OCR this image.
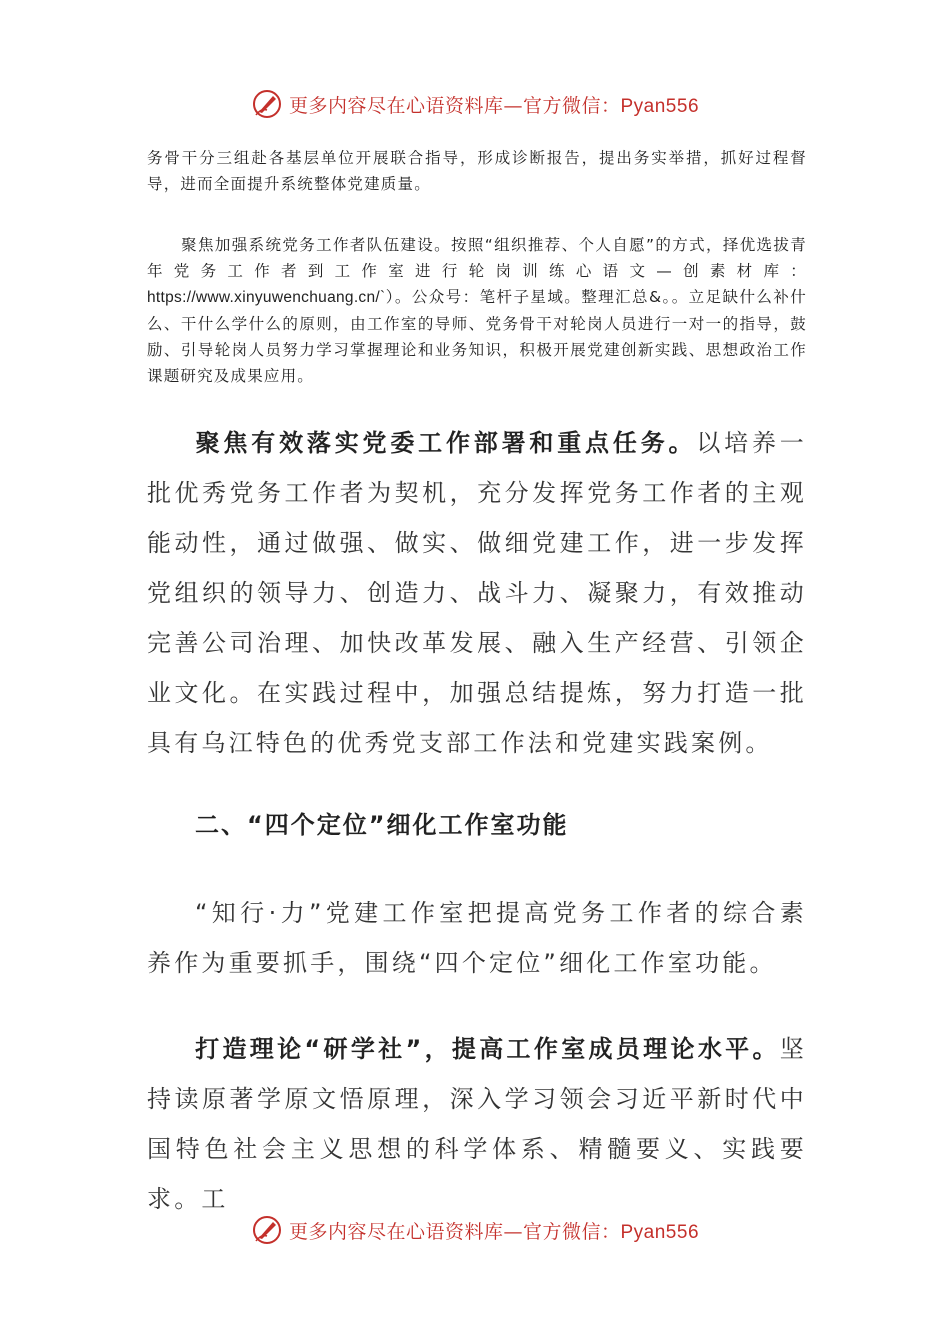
更多内容尽在心语资料库—官方微信：Pyan556
务骨干分三组赴各基层单位开展联合指导，形成诊断报告，提出务实举措，抓好过程督导，进而全面提升系统整体党建质量。
聚焦加强系统党务工作者队伍建设。按照“组织推荐、个人自愿”的方式，择优选拔青年党务工作者到工作室进行轮岗训练心语文—创素材库：https://www.xinyuwenchuang.cn/`）。公众号：笔杆子星域。整理汇总&。。立足缺什么补什么、干什么学什么的原则，由工作室的导师、党务骨干对轮岗人员进行一对一的指导，鼓励、引导轮岗人员努力学习掌握理论和业务知识，积极开展党建创新实践、思想政治工作课题研究及成果应用。
聚焦有效落实党委工作部署和重点任务。以培养一批优秀党务工作者为契机，充分发挥党务工作者的主观能动性，通过做强、做实、做细党建工作，进一步发挥党组织的领导力、创造力、战斗力、凝聚力，有效推动完善公司治理、加快改革发展、融入生产经营、引领企业文化。在实践过程中，加强总结提炼，努力打造一批具有乌江特色的优秀党支部工作法和党建实践案例。
二、“四个定位”细化工作室功能
“知行·力”党建工作室把提高党务工作者的综合素养作为重要抓手，围绕“四个定位”细化工作室功能。
打造理论“研学社”，提高工作室成员理论水平。坚持读原著学原文悟原理，深入学习领会习近平新时代中国特色社会主义思想的科学体系、精髓要义、实践要求。工
更多内容尽在心语资料库—官方微信：Pyan556
